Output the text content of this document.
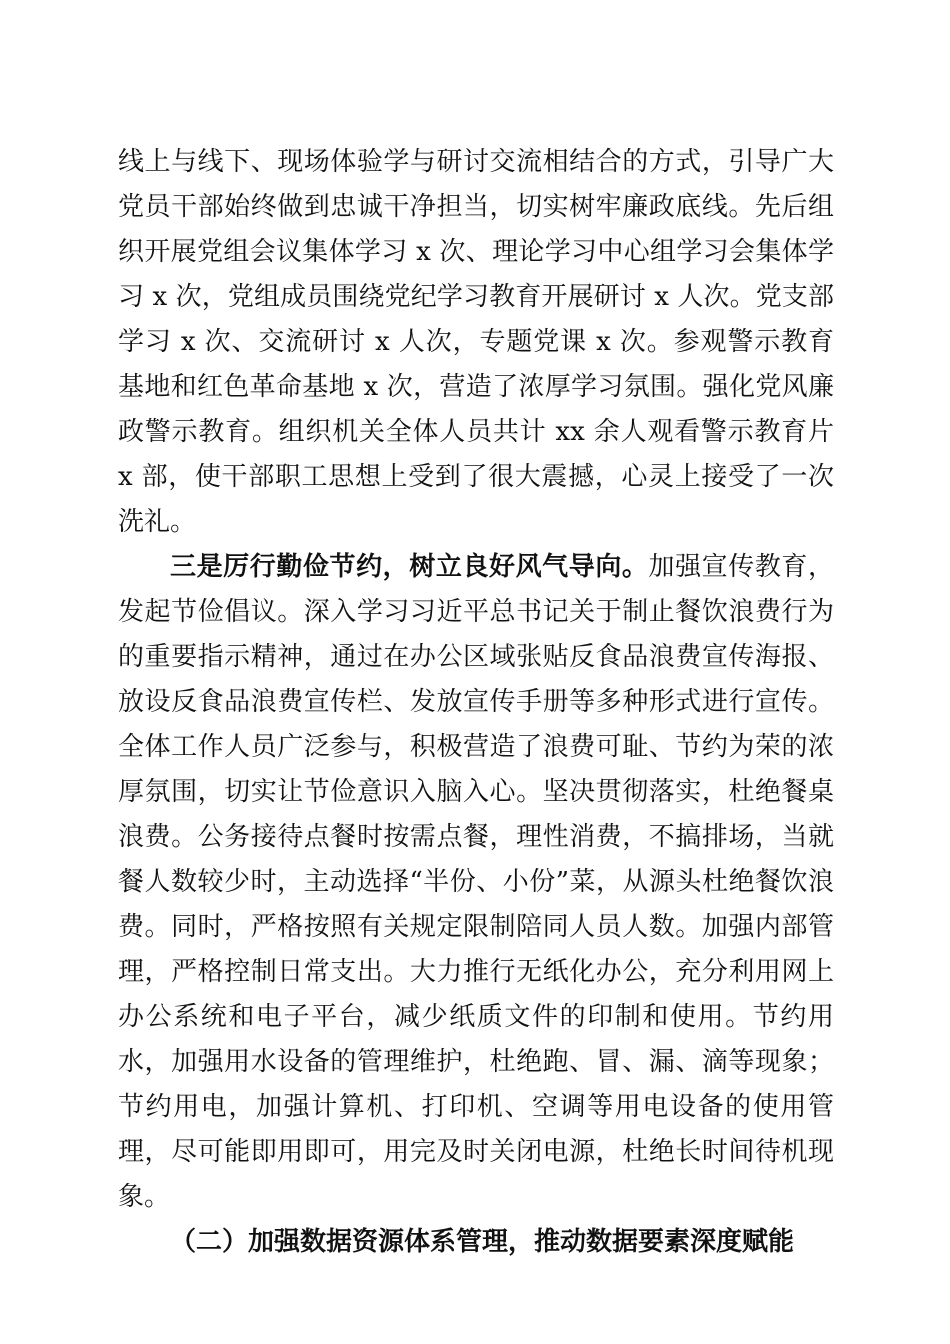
线上与线下、现场体验学与研讨交流相结合的方式，引导广大党员干部始终做到忠诚干净担当，切实树牢廉政底线。先后组织开展党组会议集体学习 x 次、理论学习中心组学习会集体学习 x 次，党组成员围绕党纪学习教育开展研讨 x 人次。党支部学习 x 次、交流研讨 x 人次，专题党课 x 次。参观警示教育基地和红色革命基地 x 次，营造了浓厚学习氛围。强化党风廉政警示教育。组织机关全体人员共计 xx 余人观看警示教育片 x 部，使干部职工思想上受到了很大震撼，心灵上接受了一次洗礼。

三是厉行勤俭节约，树立良好风气导向。加强宣传教育，发起节俭倡议。深入学习习近平总书记关于制止餐饮浪费行为的重要指示精神，通过在办公区域张贴反食品浪费宣传海报、放设反食品浪费宣传栏、发放宣传手册等多种形式进行宣传。全体工作人员广泛参与，积极营造了浪费可耻、节约为荣的浓厚氛围，切实让节俭意识入脑入心。坚决贯彻落实，杜绝餐桌浪费。公务接待点餐时按需点餐，理性消费，不搞排场，当就餐人数较少时，主动选择“半份、小份”菜，从源头杜绝餐饮浪费。同时，严格按照有关规定限制陪同人员人数。加强内部管理，严格控制日常支出。大力推行无纸化办公，充分利用网上办公系统和电子平台，减少纸质文件的印制和使用。节约用水，加强用水设备的管理维护，杜绝跑、冒、漏、滴等现象；节约用电，加强计算机、打印机、空调等用电设备的使用管理，尽可能即用即可，用完及时关闭电源，杜绝长时间待机现象。

（二）加强数据资源体系管理，推动数据要素深度赋能
